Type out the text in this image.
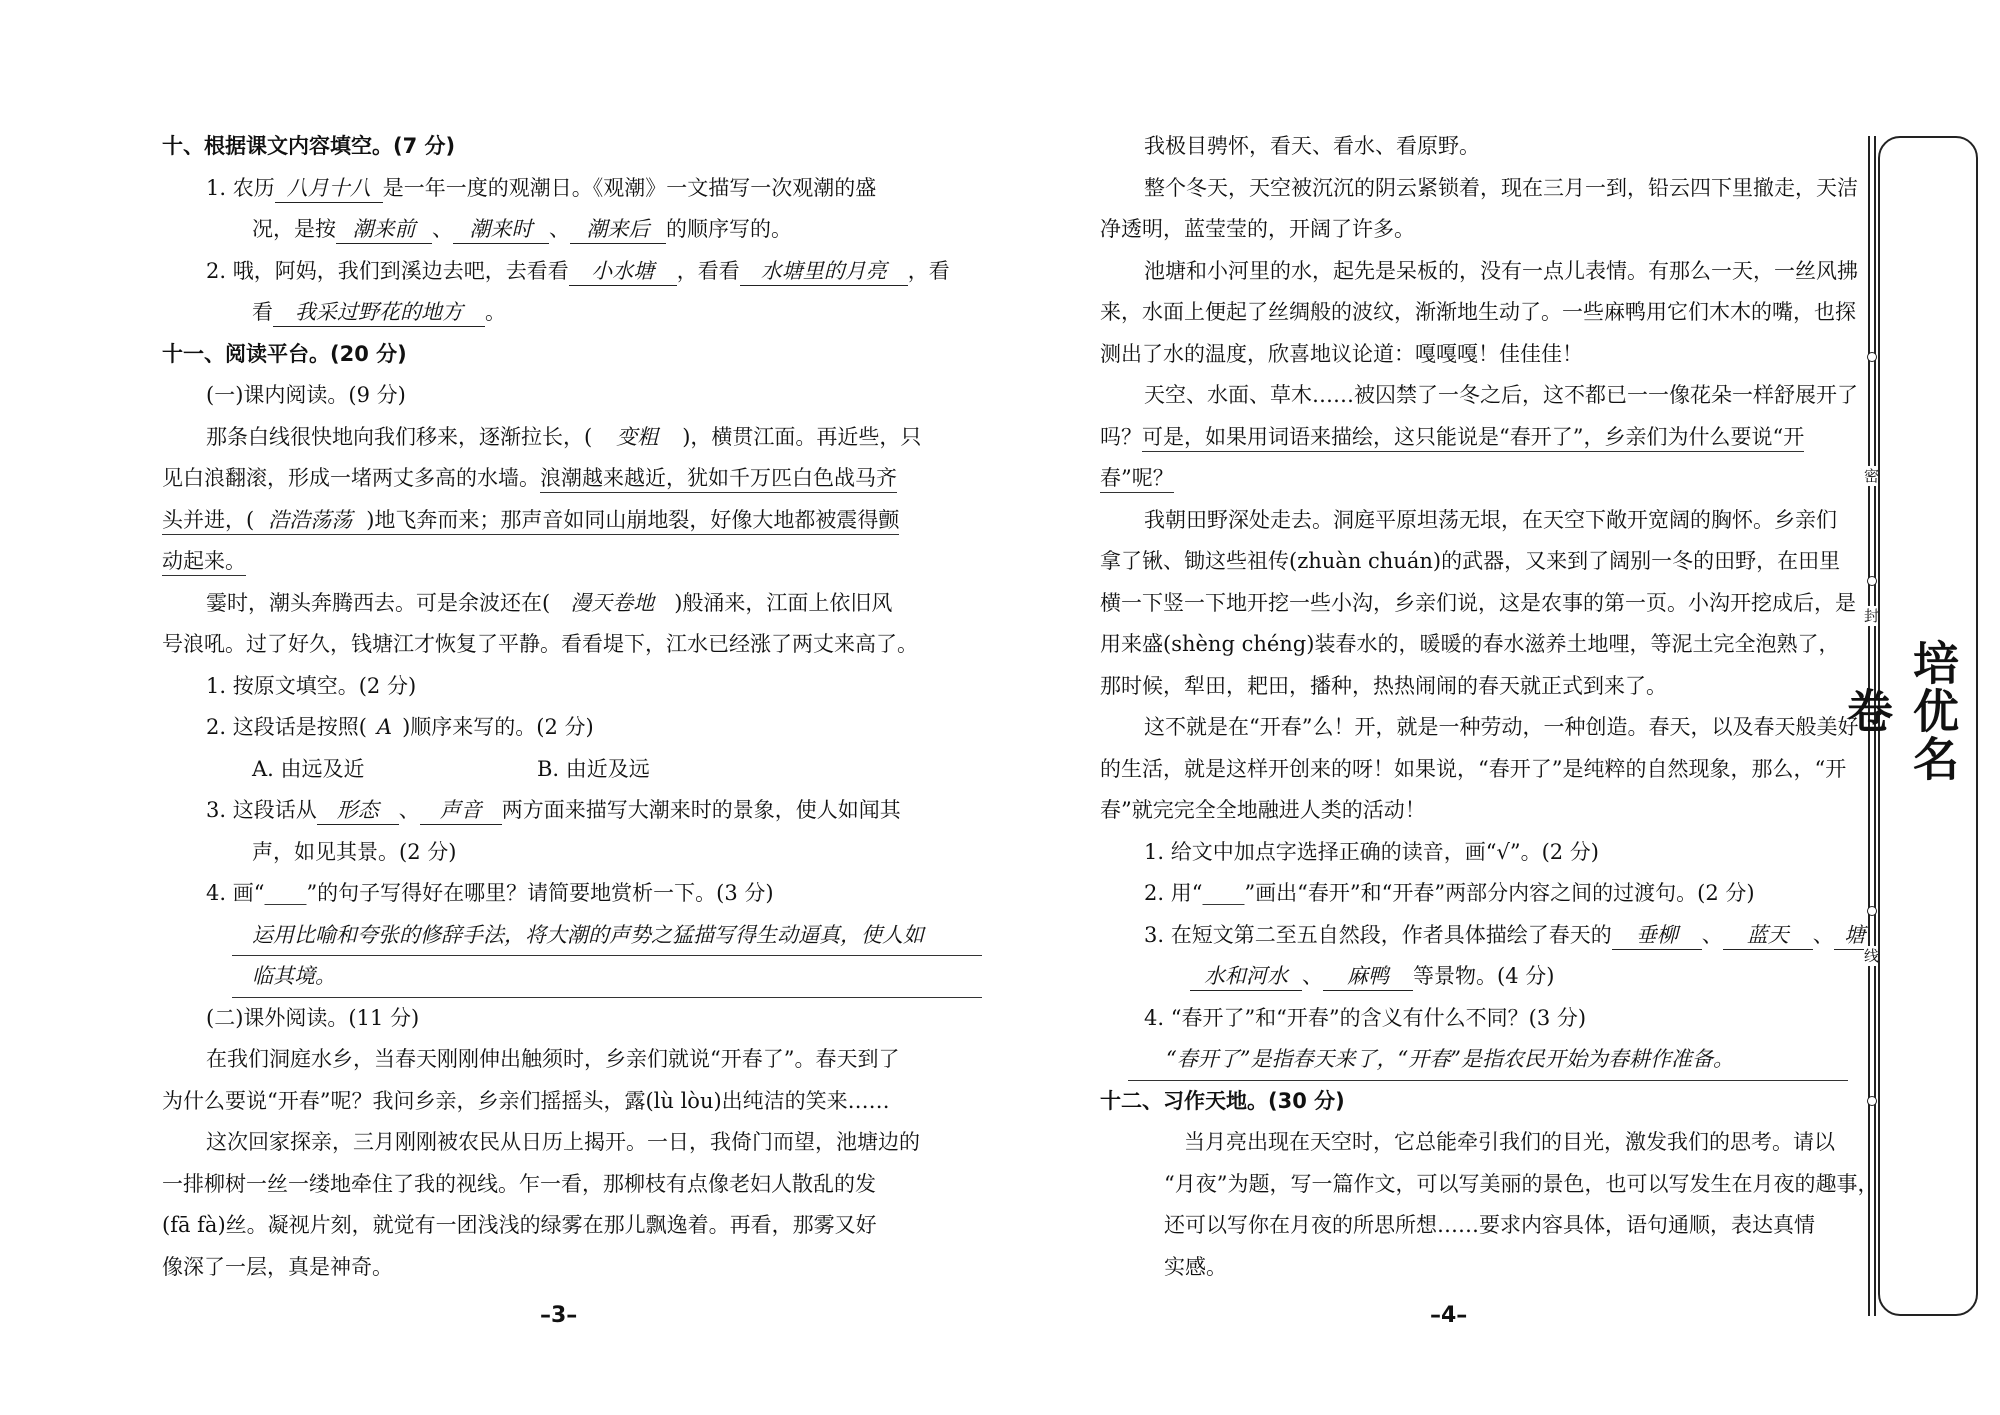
十、根据课文内容填空。(7 分)
1. 农历 八月十八 是一年一度的观潮日。《观潮》一文描写一次观潮的盛
况，是按 潮来前 、 潮来时 、 潮来后 的顺序写的。
2. 哦，阿妈，我们到溪边去吧，去看看 小水塘 ，看看 水塘里的月亮 ，看
看 我采过野花的地方 。
十一、阅读平台。(20 分)
(一)课内阅读。(9 分)
那条白线很快地向我们移来，逐渐拉长，( 变粗 )，横贯江面。再近些，只
见白浪翻滚，形成一堵两丈多高的水墙。浪潮越来越近，犹如千万匹白色战马齐
头并进，( 浩浩荡荡 )地飞奔而来；那声音如同山崩地裂，好像大地都被震得颤
动起来。
霎时，潮头奔腾西去。可是余波还在( 漫天卷地 )般涌来，江面上依旧风
号浪吼。过了好久，钱塘江才恢复了平静。看看堤下，江水已经涨了两丈来高了。
1. 按原文填空。(2 分)
2. 这段话是按照( A )顺序来写的。(2 分)
A. 由远及近	B. 由近及远
3. 这段话从 形态 、 声音 两方面来描写大潮来时的景象，使人如闻其
声，如见其景。(2 分)
4. 画“____”的句子写得好在哪里？请简要地赏析一下。(3 分)
运用比喻和夸张的修辞手法，将大潮的声势之猛描写得生动逼真，使人如
临其境。
(二)课外阅读。(11 分)
在我们洞庭水乡，当春天刚刚伸出触须时，乡亲们就说“开春了”。春天到了
为什么要说“开春”呢？我问乡亲，乡亲们摇摇头，露(lù lòu)出纯洁的笑来……
这次回家探亲，三月刚刚被农民从日历上揭开。一日，我倚门而望，池塘边的
一排柳树一丝一缕地牵住了我的视线。乍一看，那柳枝有点像老妇人散乱的发
(fā fà)丝。凝视片刻，就觉有一团浅浅的绿雾在那儿飘逸着。再看，那雾又好
像深了一层，真是神奇。
–3–
我极目骋怀，看天、看水、看原野。
整个冬天，天空被沉沉的阴云紧锁着，现在三月一到，铅云四下里撤走，天洁
净透明，蓝莹莹的，开阔了许多。
池塘和小河里的水，起先是呆板的，没有一点儿表情。有那么一天，一丝风拂
来，水面上便起了丝绸般的波纹，渐渐地生动了。一些麻鸭用它们木木的嘴，也探
测出了水的温度，欣喜地议论道：嘎嘎嘎！佳佳佳！
天空、水面、草木……被囚禁了一冬之后，这不都已一一像花朵一样舒展开了
吗？可是，如果用词语来描绘，这只能说是“春开了”，乡亲们为什么要说“开
春”呢？
我朝田野深处走去。洞庭平原坦荡无垠，在天空下敞开宽阔的胸怀。乡亲们
拿了锹、锄这些祖传(zhuàn chuán)的武器，又来到了阔别一冬的田野，在田里
横一下竖一下地开挖一些小沟，乡亲们说，这是农事的第一页。小沟开挖成后，是
用来盛(shèng chéng)装春水的，暖暖的春水滋养土地哩，等泥土完全泡熟了，
那时候，犁田，耙田，播种，热热闹闹的春天就正式到来了。
这不就是在“开春”么！开，就是一种劳动，一种创造。春天，以及春天般美好
的生活，就是这样开创来的呀！如果说，“春开了”是纯粹的自然现象，那么，“开
春”就完完全全地融进人类的活动！
1. 给文中加点字选择正确的读音，画“√”。(2 分)
2. 用“____”画出“春开”和“开春”两部分内容之间的过渡句。(2 分)
3. 在短文第二至五自然段，作者具体描绘了春天的 垂柳 、 蓝天 、 塘
水和河水 、 麻鸭 等景物。(4 分)
4. “春开了”和“开春”的含义有什么不同？(3 分)
“春开了”是指春天来了，“开春”是指农民开始为春耕作准备。
十二、习作天地。(30 分)
当月亮出现在天空时，它总能牵引我们的目光，激发我们的思考。请以
“月夜”为题，写一篇作文，可以写美丽的景色，也可以写发生在月夜的趣事，
还可以写你在月夜的所思所想……要求内容具体，语句通顺，表达真情
实感。
–4–
密
封
线
培优名卷
